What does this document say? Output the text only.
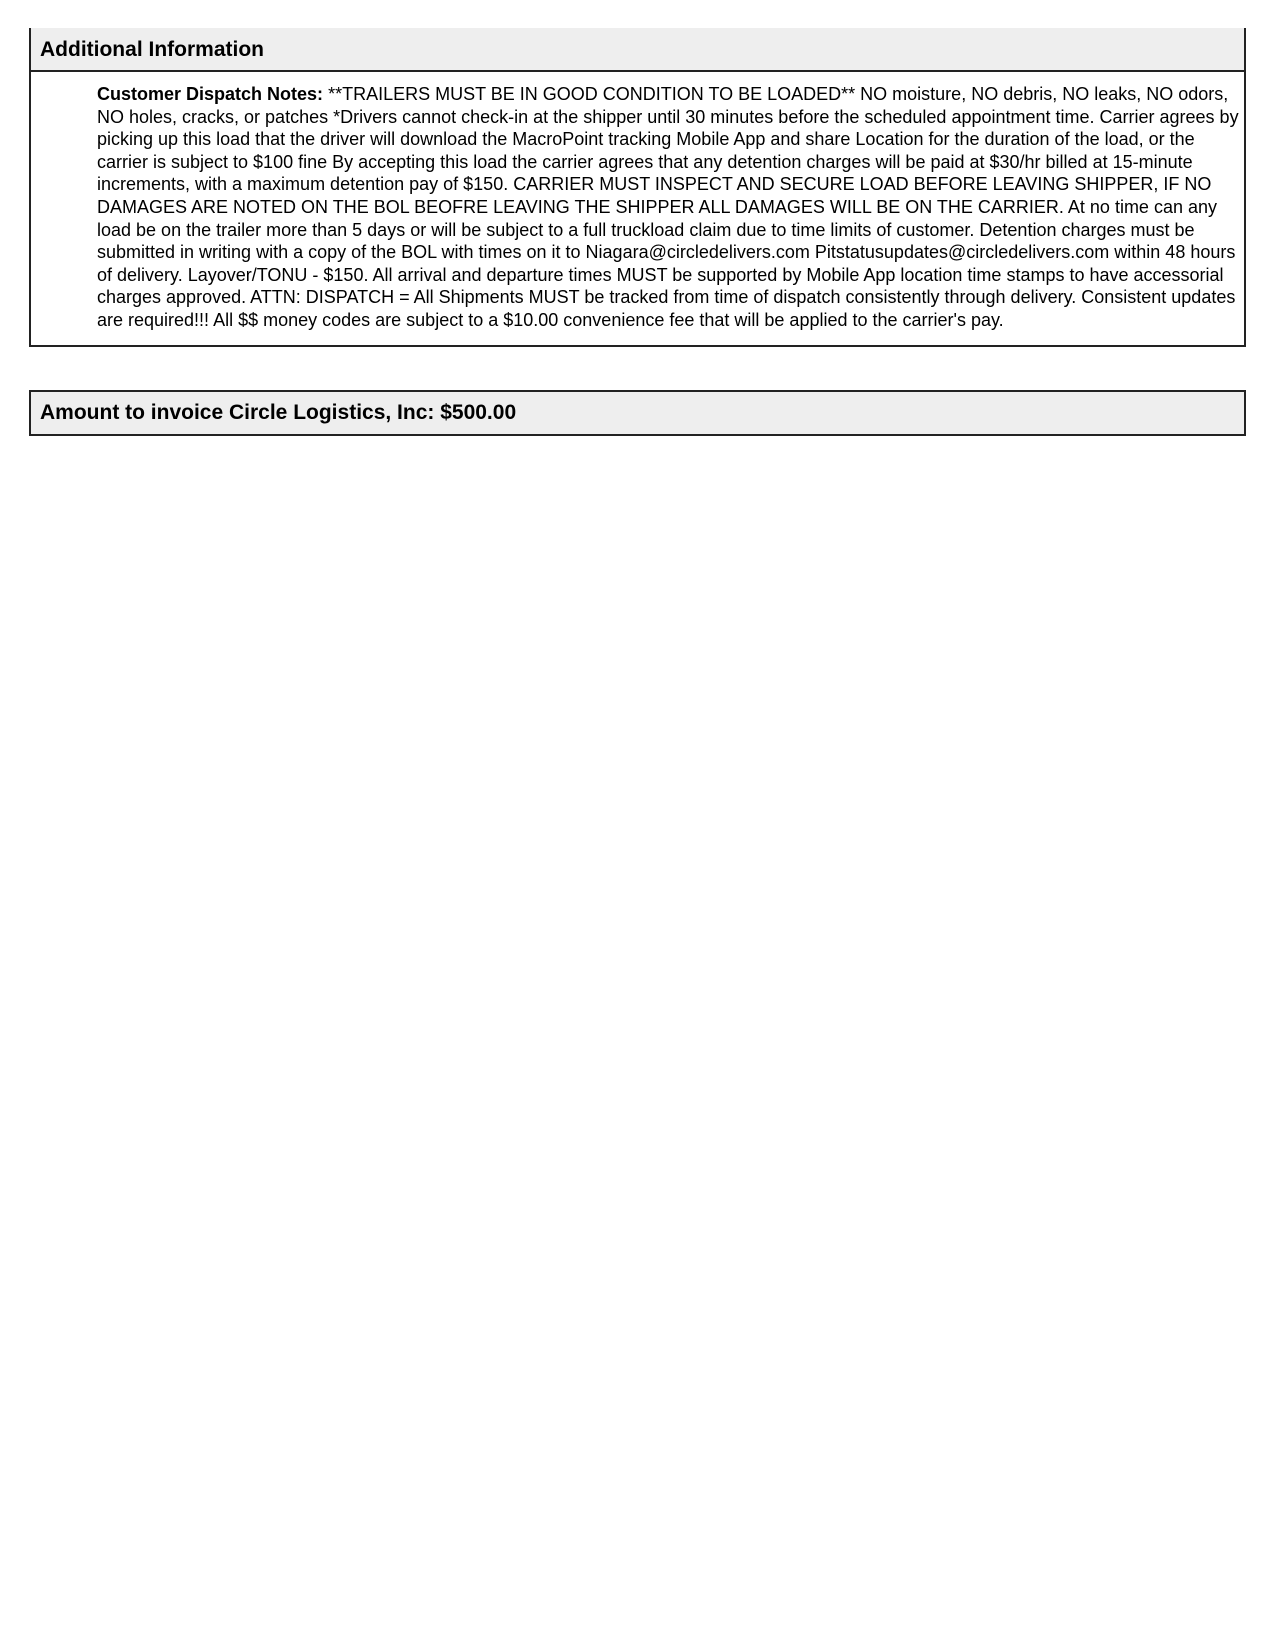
Additional Information
Customer Dispatch Notes: **TRAILERS MUST BE IN GOOD CONDITION TO BE LOADED** NO moisture, NO debris, NO leaks, NO odors, NO holes, cracks, or patches *Drivers cannot check-in at the shipper until 30 minutes before the scheduled appointment time. Carrier agrees by picking up this load that the driver will download the MacroPoint tracking Mobile App and share Location for the duration of the load, or the carrier is subject to $100 fine By accepting this load the carrier agrees that any detention charges will be paid at $30/hr billed at 15-minute increments, with a maximum detention pay of $150. CARRIER MUST INSPECT AND SECURE LOAD BEFORE LEAVING SHIPPER, IF NO DAMAGES ARE NOTED ON THE BOL BEOFRE LEAVING THE SHIPPER ALL DAMAGES WILL BE ON THE CARRIER. At no time can any load be on the trailer more than 5 days or will be subject to a full truckload claim due to time limits of customer. Detention charges must be submitted in writing with a copy of the BOL with times on it to Niagara@circledelivers.com Pitstatusupdates@circledelivers.com within 48 hours of delivery. Layover/TONU - $150. All arrival and departure times MUST be supported by Mobile App location time stamps to have accessorial charges approved. ATTN: DISPATCH = All Shipments MUST be tracked from time of dispatch consistently through delivery. Consistent updates are required!!! All $$ money codes are subject to a $10.00 convenience fee that will be applied to the carrier's pay.
Amount to invoice Circle Logistics, Inc: $500.00
